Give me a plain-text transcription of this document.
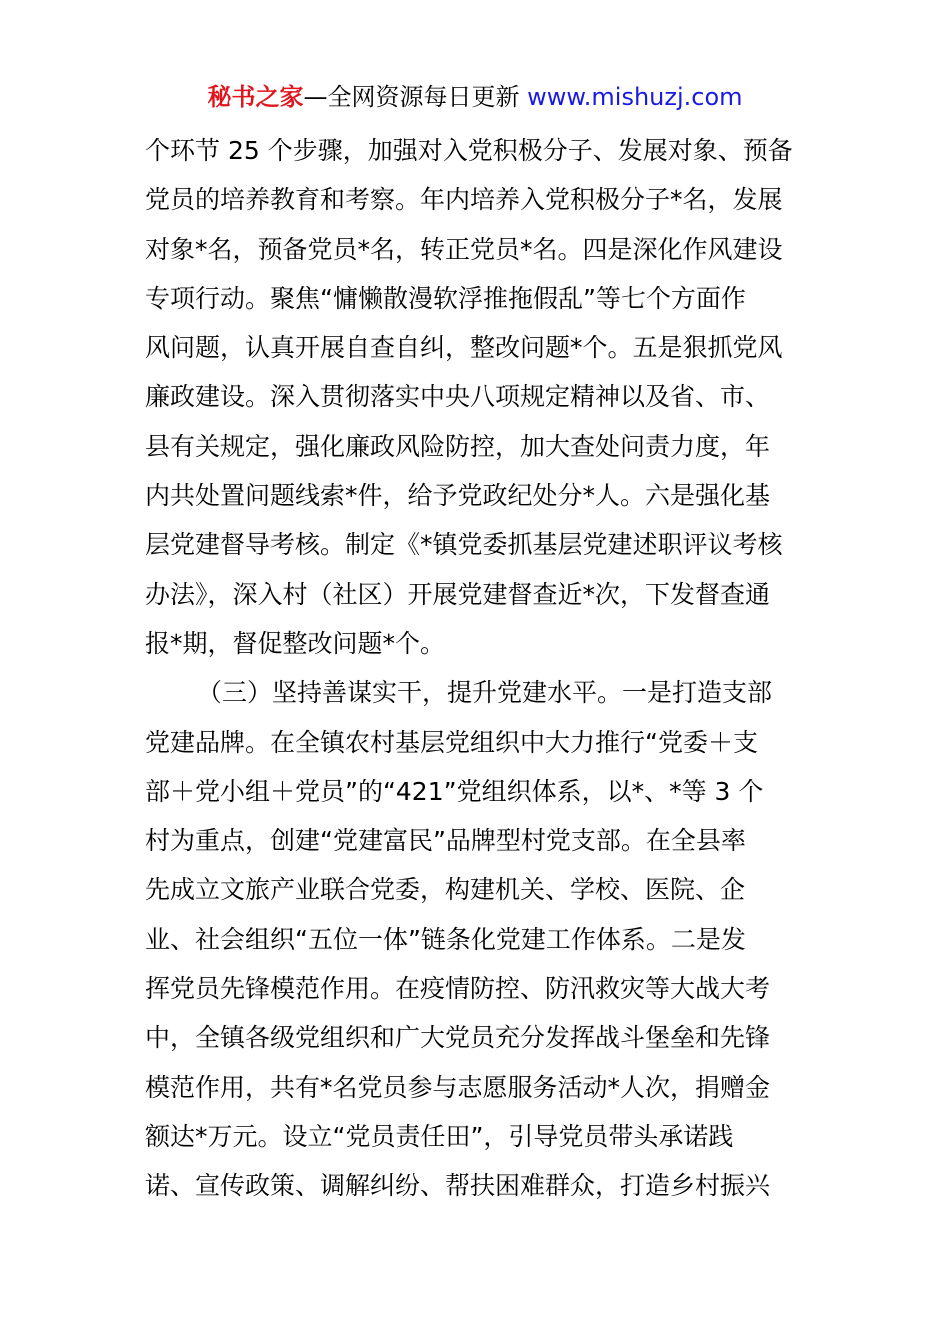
秘书之家—全网资源每日更新 www.mishuzj.com
个环节 25 个步骤，加强对入党积极分子、发展对象、预备
党员的培养教育和考察。年内培养入党积极分子*名，发展
对象*名，预备党员*名，转正党员*名。四是深化作风建设
专项行动。聚焦“慵懒散漫软浮推拖假乱”等七个方面作
风问题，认真开展自查自纠，整改问题*个。五是狠抓党风
廉政建设。深入贯彻落实中央八项规定精神以及省、市、
县有关规定，强化廉政风险防控，加大查处问责力度，年
内共处置问题线索*件，给予党政纪处分*人。六是强化基
层党建督导考核。制定《*镇党委抓基层党建述职评议考核
办法》，深入村（社区）开展党建督查近*次，下发督查通
报*期，督促整改问题*个。
（三）坚持善谋实干，提升党建水平。一是打造支部
党建品牌。在全镇农村基层党组织中大力推行“党委＋支
部＋党小组＋党员”的“421”党组织体系，以*、*等 3 个
村为重点，创建“党建富民”品牌型村党支部。在全县率
先成立文旅产业联合党委，构建机关、学校、医院、企
业、社会组织“五位一体”链条化党建工作体系。二是发
挥党员先锋模范作用。在疫情防控、防汛救灾等大战大考
中，全镇各级党组织和广大党员充分发挥战斗堡垒和先锋
模范作用，共有*名党员参与志愿服务活动*人次，捐赠金
额达*万元。设立“党员责任田”，引导党员带头承诺践
诺、宣传政策、调解纠纷、帮扶困难群众，打造乡村振兴
